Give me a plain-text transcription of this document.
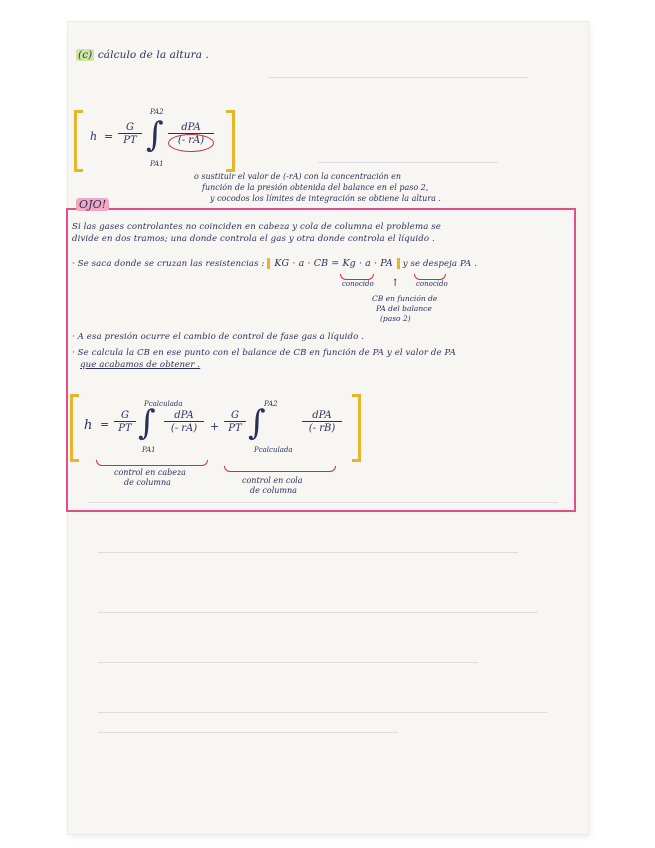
(c) cálculo de la altura .
$h = \frac{G}{PT}$ ∫
PA2
PA1
dPA
(- rA)
o sustituir el valor de (-rA) con la concentración en
función de la presión obtenida del balance en el paso 2,
y cocodos los límites de integración se obtiene la altura .
OJO!
Si las gases controlantes no coinciden en cabeza y cola de columna el problema se
divide en dos tramos; una donde controla el gas y otra donde controla el líquido .
· Se saca donde se cruzan las resistencias : KG · a · CB = Kg · a · PA y se despeja PA .
conocido	conocido
↑
CB en función de
PA del balance
(paso 2)
· A esa presión ocurre el cambio de control de fase gas a líquido .
· Se calcula la CB en ese punto con el balance de CB en función de PA y el valor de PA
que acabamos de obtener .
$h = \frac{G}{PT}$ ∫
Pcalculada
PA1
dPA
(- rA)	+ $\frac{G}{PT}$ ∫
PA2
Pcalculada
dPA
(- rB)
control en cabeza
de columna	control en cola
de columna
